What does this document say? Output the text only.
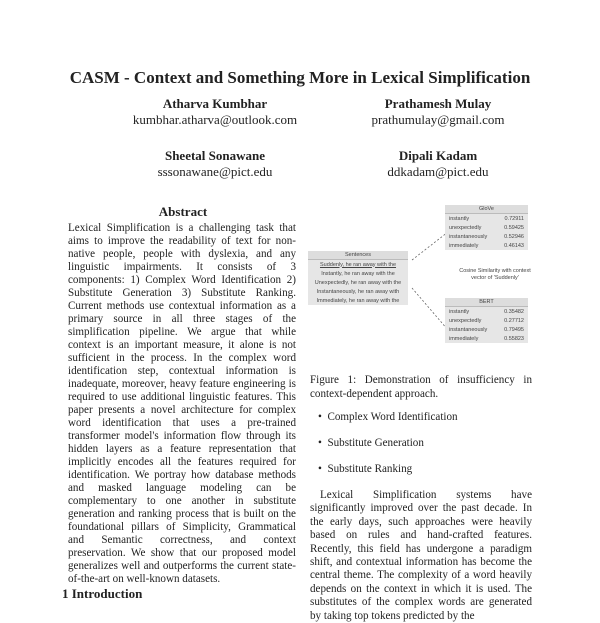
CASM - Context and Something More in Lexical Simplification
Atharva Kumbhar
kumbhar.atharva@outlook.com
Prathamesh Mulay
prathumulay@gmail.com
Sheetal Sonawane
sssonawane@pict.edu
Dipali Kadam
ddkadam@pict.edu
Abstract
Lexical Simplification is a challenging task that aims to improve the readability of text for non-native people, people with dyslexia, and any linguistic impairments. It consists of 3 components: 1) Complex Word Identification 2) Substitute Generation 3) Substitute Ranking. Current methods use contextual information as a primary source in all three stages of the simplification pipeline. We argue that while context is an important measure, it alone is not sufficient in the process. In the complex word identification step, contextual information is inadequate, moreover, heavy feature engineering is required to use additional linguistic features. This paper presents a novel architecture for complex word identification that uses a pre-trained transformer model's information flow through its hidden layers as a feature representation that implicitly encodes all the features required for identification. We portray how database methods and masked language modeling can be complementary to one another in substitute generation and ranking process that is built on the foundational pillars of Simplicity, Grammatical and Semantic correctness, and context preservation. We show that our proposed model generalizes well and outperforms the current state-of-the-art on well-known datasets.
1 Introduction
Sentences
Suddenly, he ran away with the
Instantly, he ran away with the
Unexpectedly, he ran away with the
Instantaneously, he ran away with
Immediately, he ran away with the
GloVe
instantly	0.72911
unexpectedly	0.59425
instantaneously	0.52946
immediately	0.46143
Cosine Similarity with context vector of 'Suddenly'
BERT
instantly	0.35482
unexpectedly	0.27712
instantaneously	0.79495
immediately	0.55823
Figure 1: Demonstration of insufficiency in context-dependent approach.
•  Complex Word Identification
•  Substitute Generation
•  Substitute Ranking
Lexical Simplification systems have significantly improved over the past decade. In the early days, such approaches were heavily based on rules and hand-crafted features. Recently, this field has undergone a paradigm shift, and contextual information has become the central theme. The complexity of a word heavily depends on the context in which it is used. The substitutes of the complex words are generated by taking top tokens predicted by the
